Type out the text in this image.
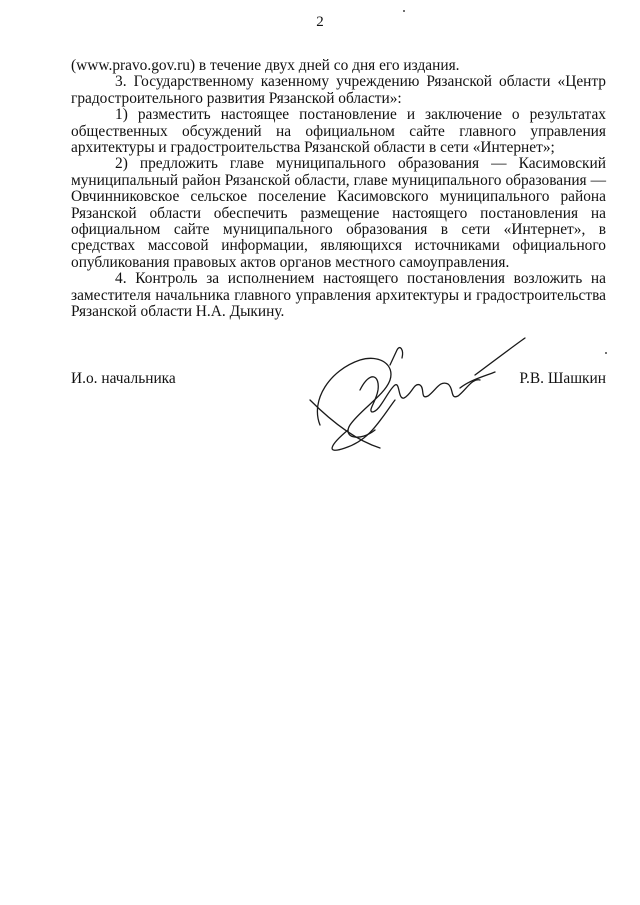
2

(www.pravo.gov.ru) в течение двух дней со дня его издания.

3. Государственному казенному учреждению Рязанской области «Центр градостроительного развития Рязанской области»:

1) разместить настоящее постановление и заключение о результатах общественных обсуждений на официальном сайте главного управления архитектуры и градостроительства Рязанской области в сети «Интернет»;

2) предложить главе муниципального образования — Касимовский муниципальный район Рязанской области, главе муниципального образования — Овчинниковское сельское поселение Касимовского муниципального района Рязанской области обеспечить размещение настоящего постановления на официальном сайте муниципального образования в сети «Интернет», в средствах массовой информации, являющихся источниками официального опубликования правовых актов органов местного самоуправления.

4. Контроль за исполнением настоящего постановления возложить на заместителя начальника главного управления архитектуры и градостроительства Рязанской области Н.А. Дыкину.

И.о. начальника	Р.В. Шашкин
